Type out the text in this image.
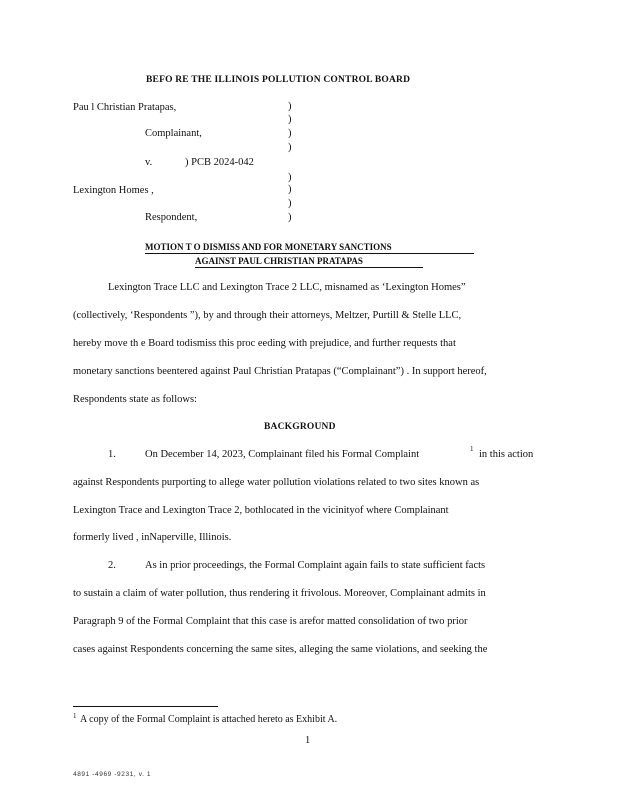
BEFO RE THE ILLINOIS POLLUTION CONTROL BOARD
Pau l Christian Pratapas,	)
)
Complainant,	)
)
v.	) PCB 2024-042
)
Lexington Homes ,	)
)
Respondent,	)
MOTION T O DISMISS AND FOR MONETARY SANCTIONS
AGAINST PAUL CHRISTIAN PRATAPAS
Lexington Trace LLC and Lexington Trace 2 LLC, misnamed as ‘Lexington Homes”
(collectively, ‘Respondents ”), by and through their attorneys, Meltzer, Purtill & Stelle LLC,
hereby move th e Board todismiss this proc eeding with prejudice, and further requests that
monetary sanctions beentered against Paul Christian Pratapas (“Complainant”) . In support hereof,
Respondents state as follows:
BACKGROUND
1.	On December 14, 2023, Complainant filed his Formal Complaint	1 in this action
against Respondents purporting to allege water pollution violations related to two sites known as
Lexington Trace and Lexington Trace 2, bothlocated in the vicinityof where Complainant
formerly lived , inNaperville, Illinois.
2.	As in prior proceedings, the Formal Complaint again fails to state sufficient facts
to sustain a claim of water pollution, thus rendering it frivolous. Moreover, Complainant admits in
Paragraph 9 of the Formal Complaint that this case is arefor matted consolidation of two prior
cases against Respondents concerning the same sites, alleging the same violations, and seeking the
1 A copy of the Formal Complaint is attached hereto as Exhibit A.
1
4891 -4969 -9231, v. 1
